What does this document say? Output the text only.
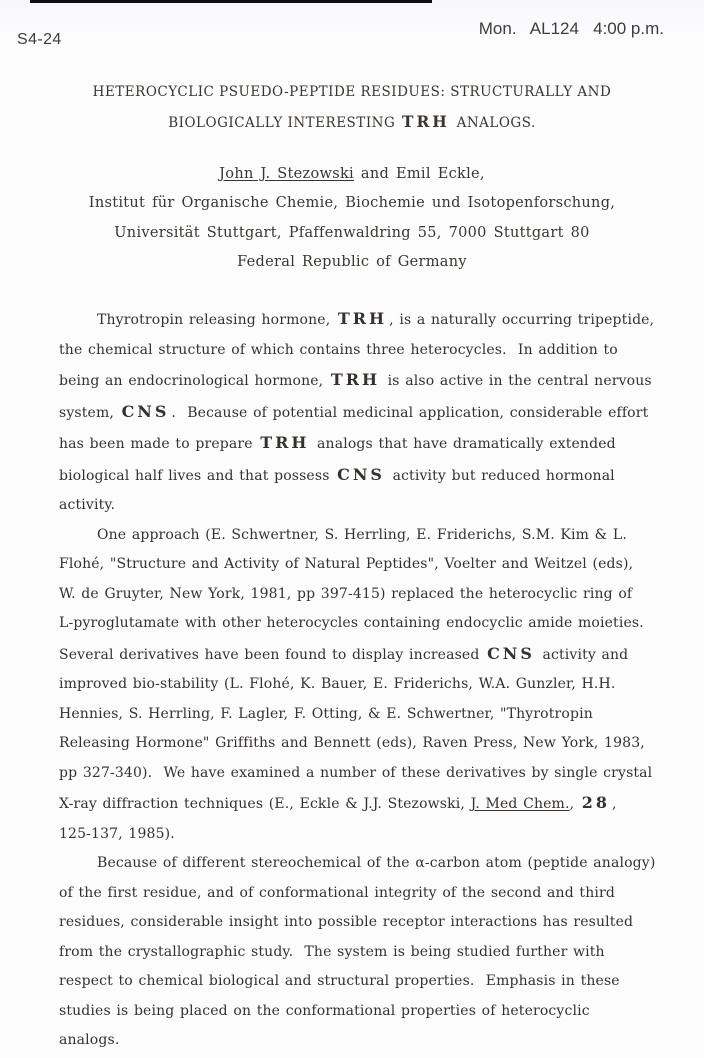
S4-24
Mon.   AL124   4:00 p.m.
HETEROCYCLIC PSUEDO-PEPTIDE RESIDUES: STRUCTURALLY AND
BIOLOGICALLY INTERESTING TRH ANALOGS.
John J. Stezowski and Emil Eckle,
Institut für Organische Chemie, Biochemie und Isotopenforschung,
Universität Stuttgart, Pfaffenwaldring 55, 7000 Stuttgart 80
Federal Republic of Germany
Thyrotropin releasing hormone, TRH , is a naturally occurring tripeptide,
the chemical structure of which contains three heterocycles.  In addition to
being an endocrinological hormone, TRH is also active in the central nervous
system, CNS .  Because of potential medicinal application, considerable effort
has been made to prepare TRH analogs that have dramatically extended
biological half lives and that possess CNS activity but reduced hormonal
activity.
One approach (E. Schwertner, S. Herrling, E. Friderichs, S.M. Kim & L.
Flohé, "Structure and Activity of Natural Peptides", Voelter and Weitzel (eds),
W. de Gruyter, New York, 1981, pp 397-415) replaced the heterocyclic ring of
L-pyroglutamate with other heterocycles containing endocyclic amide moieties.
Several derivatives have been found to display increased CNS activity and
improved bio-stability (L. Flohé, K. Bauer, E. Friderichs, W.A. Gunzler, H.H.
Hennies, S. Herrling, F. Lagler, F. Otting, & E. Schwertner, "Thyrotropin
Releasing Hormone" Griffiths and Bennett (eds), Raven Press, New York, 1983,
pp 327-340).  We have examined a number of these derivatives by single crystal
X-ray diffraction techniques (E., Eckle & J.J. Stezowski, J. Med Chem., 28 ,
125-137, 1985).
Because of different stereochemical of the α-carbon atom (peptide analogy)
of the first residue, and of conformational integrity of the second and third
residues, considerable insight into possible receptor interactions has resulted
from the crystallographic study.  The system is being studied further with
respect to chemical biological and structural properties.  Emphasis in these
studies is being placed on the conformational properties of heterocyclic
analogs.
